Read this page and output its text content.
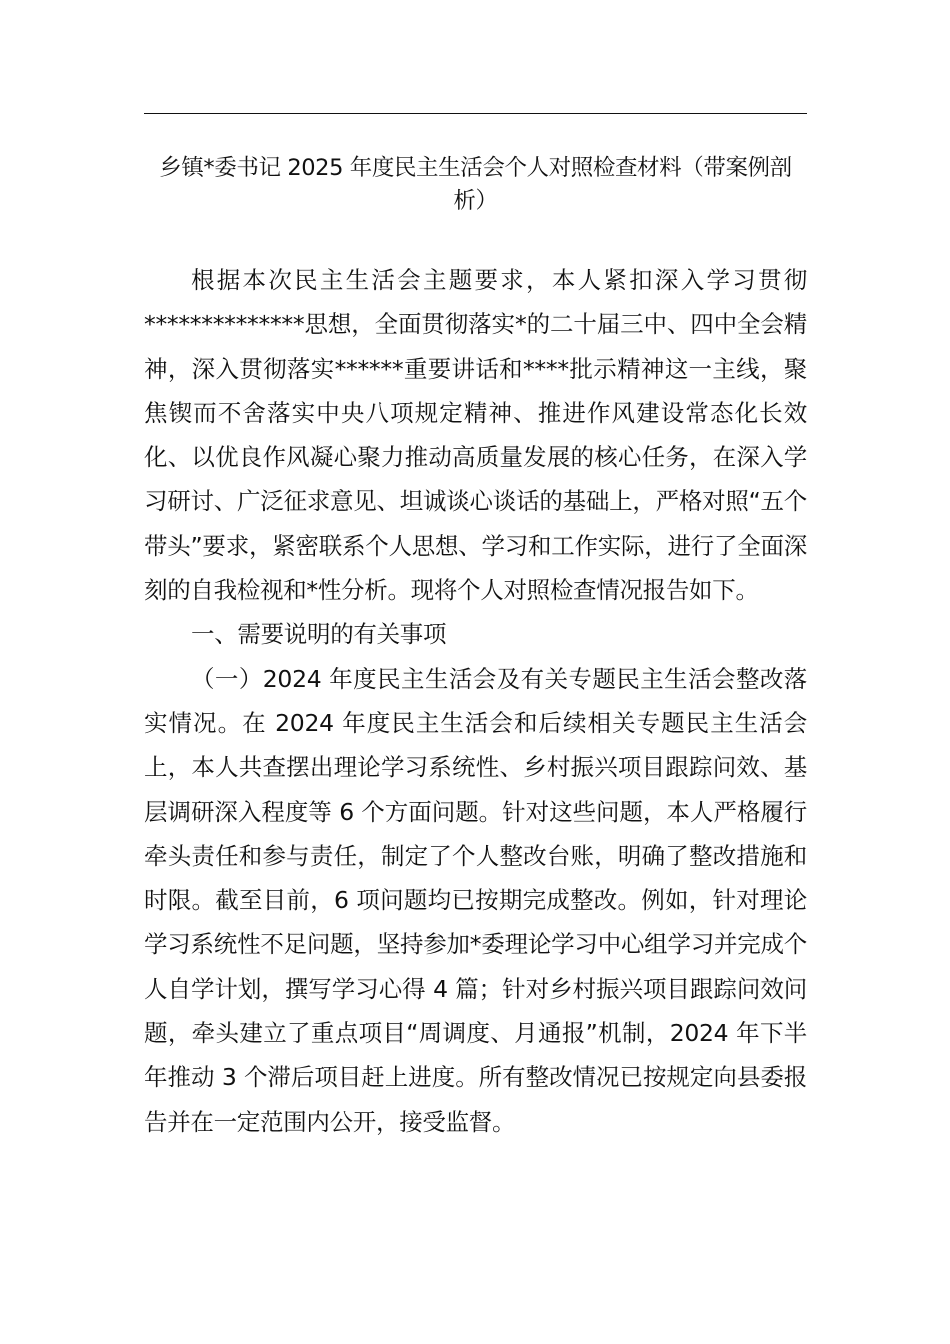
乡镇*委书记 2025 年度民主生活会个人对照检查材料（带案例剖析）

根据本次民主生活会主题要求，本人紧扣深入学习贯彻**************思想，全面贯彻落实*的二十届三中、四中全会精神，深入贯彻落实******重要讲话和****批示精神这一主线，聚焦锲而不舍落实中央八项规定精神、推进作风建设常态化长效化、以优良作风凝心聚力推动高质量发展的核心任务，在深入学习研讨、广泛征求意见、坦诚谈心谈话的基础上，严格对照“五个带头”要求，紧密联系个人思想、学习和工作实际，进行了全面深刻的自我检视和*性分析。现将个人对照检查情况报告如下。

一、需要说明的有关事项

（一）2024 年度民主生活会及有关专题民主生活会整改落实情况。在 2024 年度民主生活会和后续相关专题民主生活会上，本人共查摆出理论学习系统性、乡村振兴项目跟踪问效、基层调研深入程度等 6 个方面问题。针对这些问题，本人严格履行牵头责任和参与责任，制定了个人整改台账，明确了整改措施和时限。截至目前，6 项问题均已按期完成整改。例如，针对理论学习系统性不足问题，坚持参加*委理论学习中心组学习并完成个人自学计划，撰写学习心得 4 篇；针对乡村振兴项目跟踪问效问题，牵头建立了重点项目“周调度、月通报”机制，2024 年下半年推动 3 个滞后项目赶上进度。所有整改情况已按规定向县委报告并在一定范围内公开，接受监督。
